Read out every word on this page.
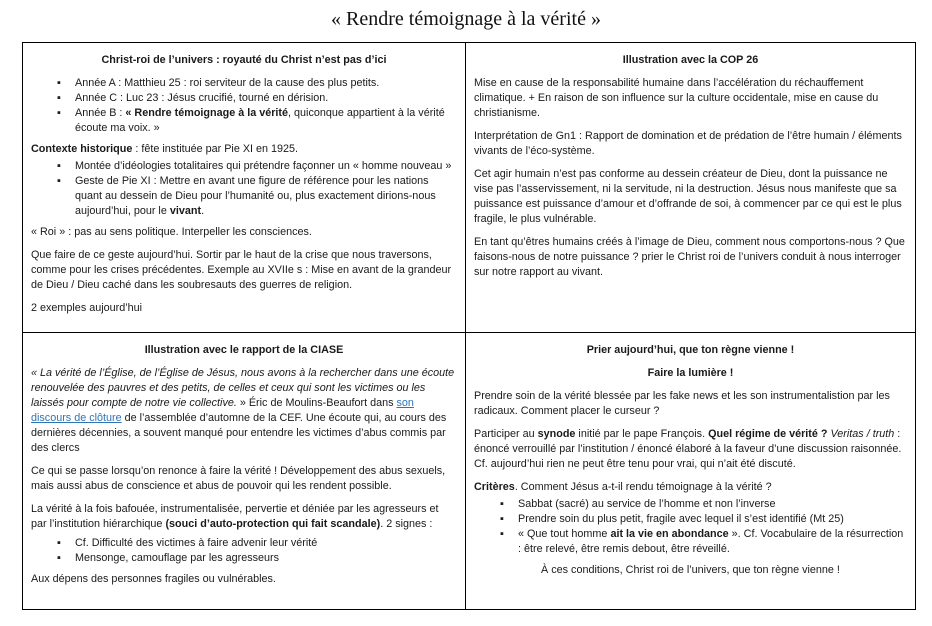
« Rendre témoignage à la vérité »
Christ-roi de l’univers : royauté du Christ n’est pas d’ici
▪ Année A : Matthieu 25 : roi serviteur de la cause des plus petits.
▪ Année C : Luc 23 : Jésus crucifié, tourné en dérision.
▪ Année B : « Rendre témoignage à la vérité, quiconque appartient à la vérité écoute ma voix. »

Contexte historique : fête instituée par Pie XI en 1925.

▪ Montée d’idéologies totalitaires qui prétendre façonner un « homme nouveau »
▪ Geste de Pie XI : Mettre en avant une figure de référence pour les nations quant au dessein de Dieu pour l’humanité ou, plus exactement dirions-nous aujourd’hui, pour le vivant.

« Roi » : pas au sens politique. Interpeller les consciences.

Que faire de ce geste aujourd’hui. Sortir par le haut de la crise que nous traversons, comme pour les crises précédentes. Exemple au XVIIe s : Mise en avant de la grandeur de Dieu / Dieu caché dans les soubresauts des guerres de religion.

2 exemples aujourd’hui

Illustration avec la COP 26

Mise en cause de la responsabilité humaine dans l’accélération du réchauffement climatique. + En raison de son influence sur la culture occidentale, mise en cause du christianisme.

Interprétation de Gn1 : Rapport de domination et de prédation de l’être humain / éléments vivants de l’éco-système.

Cet agir humain n’est pas conforme au dessein créateur de Dieu, dont la puissance ne vise pas l’asservissement, ni la servitude, ni la destruction. Jésus nous manifeste que sa puissance est puissance d’amour et d’offrande de soi, à commencer par ce qui est le plus fragile, le plus vulnérable.

En tant qu’êtres humains créés à l’image de Dieu, comment nous comportons-nous ? Que faisons-nous de notre puissance ? prier le Christ roi de l’univers conduit à nous interroger sur notre rapport au vivant.

Illustration avec le rapport de la CIASE

« La vérité de l’Église, de l’Église de Jésus, nous avons à la rechercher dans une écoute renouvelée des pauvres et des petits, de celles et ceux qui sont les victimes ou les laissés pour compte de notre vie collective. » Éric de Moulins-Beaufort dans son discours de clôture de l’assemblée d’automne de la CEF. Une écoute qui, au cours des dernières décennies, a souvent manqué pour entendre les victimes d’abus commis par des clercs

Ce qui se passe lorsqu’on renonce à faire la vérité ! Développement des abus sexuels, mais aussi abus de conscience et abus de pouvoir qui les rendent possible.

La vérité à la fois bafouée, instrumentalisée, pervertie et déniée par les agresseurs et par l’institution hiérarchique (souci d’auto-protection qui fait scandale). 2 signes :

▪ Cf. Difficulté des victimes à faire advenir leur vérité
▪ Mensonge, camouflage par les agresseurs

Aux dépens des personnes fragiles ou vulnérables.

Prier aujourd’hui, que ton règne vienne !
Faire la lumière !

Prendre soin de la vérité blessée par les fake news et les son instrumentalistion par les radicaux. Comment placer le curseur ?

Participer au synode initié par le pape François. Quel régime de vérité ? Veritas / truth : énoncé verrouillé par l’institution / énoncé élaboré à la faveur d’une discussion raisonnée. Cf. aujourd’hui rien ne peut être tenu pour vrai, qui n’ait été discuté.

Critères. Comment Jésus a-t-il rendu témoignage à la vérité ?

▪ Sabbat (sacré) au service de l’homme et non l’inverse
▪ Prendre soin du plus petit, fragile avec lequel il s’est identifié (Mt 25)
▪ « Que tout homme ait la vie en abondance ». Cf. Vocabulaire de la résurrection : être relevé, être remis debout, être réveillé.

À ces conditions, Christ roi de l’univers, que ton règne vienne !
